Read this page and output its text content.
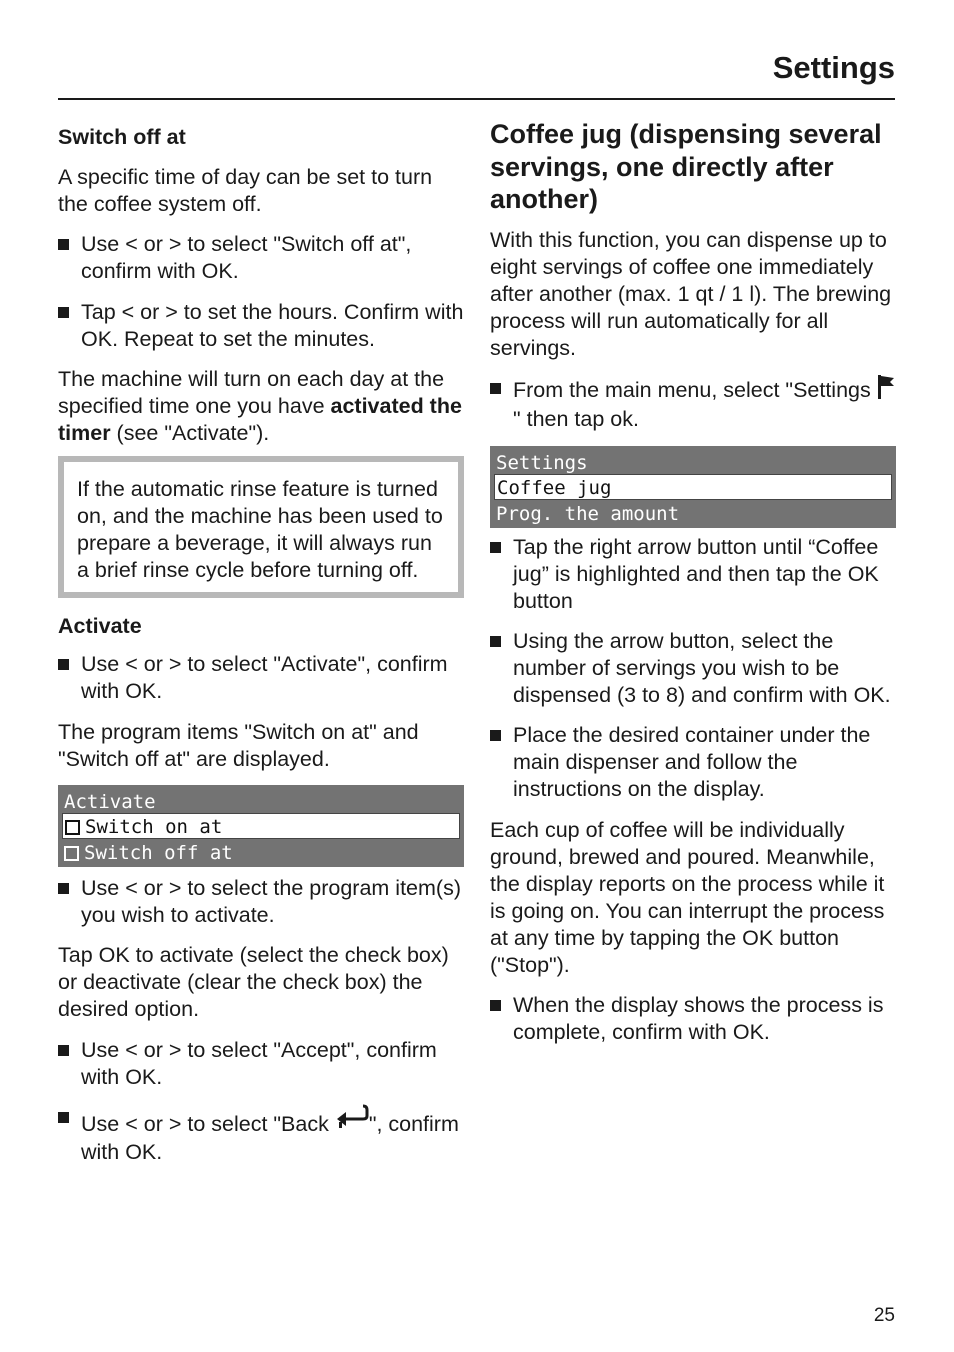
Settings
Switch off at

A specific time of day can be set to turn the coffee system off.

Use < or > to select "Switch off at", confirm with OK.
Tap < or > to set the hours. Confirm with OK. Repeat to set the minutes.

The machine will turn on each day at the specified time one you have activated the timer (see "Activate").

If the automatic rinse feature is turned on, and the machine has been used to prepare a beverage, it will always run a brief rinse cycle before turning off.
Activate
Use < or > to select "Activate", confirm with OK.

The program items "Switch on at" and "Switch off at" are displayed.

Activate
Switch on at
Switch off at
Use < or > to select the program item(s) you wish to activate.

Tap OK to activate (select the check box) or deactivate (clear the check box) the desired option.

Use < or > to select "Accept", confirm with OK.
Use < or > to select "Back ", confirm with OK.
Coffee jug (dispensing several servings, one directly after another)

With this function, you can dispense up to eight servings of coffee one immediately after another (max. 1 qt / 1 l). The brewing process will run automatically for all servings.

From the main menu, select "Settings " then tap ok.
Settings
Coffee jug
Prog. the amount
Tap the right arrow button until “Coffee jug” is highlighted and then tap the OK button
Using the arrow button, select the number of servings you wish to be dispensed (3 to 8) and confirm with OK.
Place the desired container under the main dispenser and follow the instructions on the display.

Each cup of coffee will be individually ground, brewed and poured. Meanwhile, the display reports on the process while it is going on. You can interrupt the process at any time by tapping the OK button ("Stop").

When the display shows the process is complete, confirm with OK.

25
